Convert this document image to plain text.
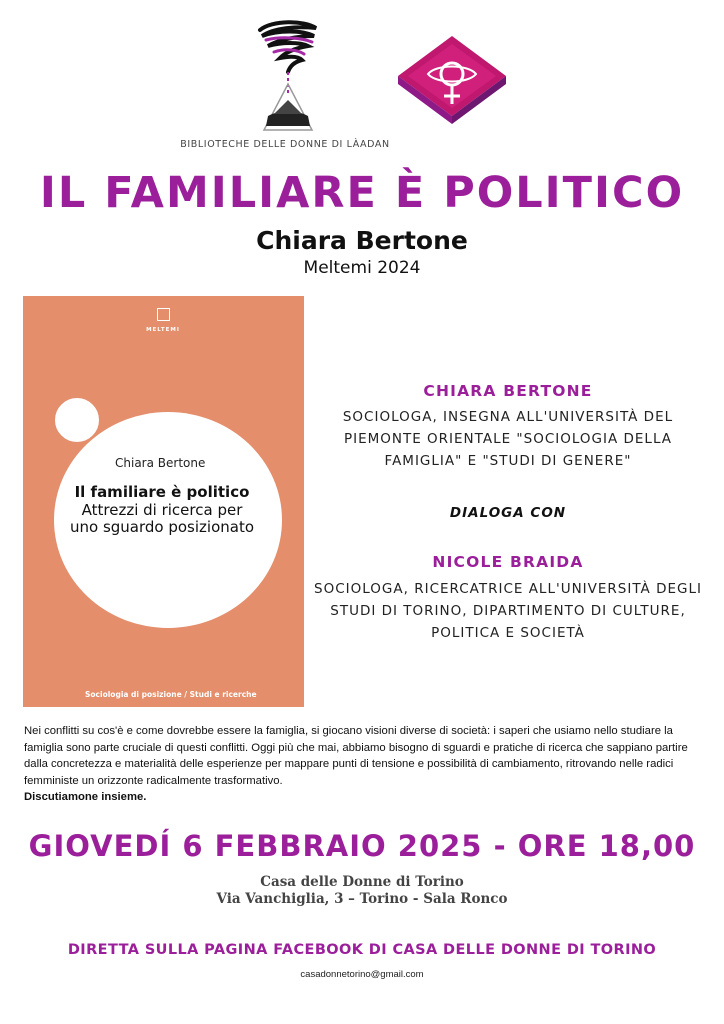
BIBLIOTECHE DELLE DONNE DI LÀADAN
IL FAMILIARE È POLITICO
Chiara Bertone
Meltemi 2024
MELTEMI
Chiara Bertone
Il familiare è politico
Attrezzi di ricerca per uno sguardo posizionato
Sociologia di posizione / Studi e ricerche
CHIARA BERTONE
SOCIOLOGA, INSEGNA ALL'UNIVERSITÀ DEL PIEMONTE ORIENTALE "SOCIOLOGIA DELLA FAMIGLIA" E "STUDI DI GENERE"
DIALOGA CON
NICOLE BRAIDA
SOCIOLOGA, RICERCATRICE ALL'UNIVERSITÀ DEGLI STUDI DI TORINO, DIPARTIMENTO DI CULTURE, POLITICA E SOCIETÀ
Nei conflitti su cos'è e come dovrebbe essere la famiglia, si giocano visioni diverse di società: i saperi che usiamo nello studiare la famiglia sono parte cruciale di questi conflitti. Oggi più che mai, abbiamo bisogno di sguardi e pratiche di ricerca che sappiano partire dalla concretezza e materialità delle esperienze per mappare punti di tensione e possibilità di cambiamento, ritrovando nelle radici femministe un orizzonte radicalmente trasformativo.
Discutiamone insieme.
GIOVEDÍ 6 FEBBRAIO 2025 - ORE 18,00
Casa delle Donne di Torino
Via Vanchiglia, 3 – Torino - Sala Ronco
DIRETTA SULLA PAGINA FACEBOOK DI CASA DELLE DONNE DI TORINO
casadonnetorino@gmail.com
